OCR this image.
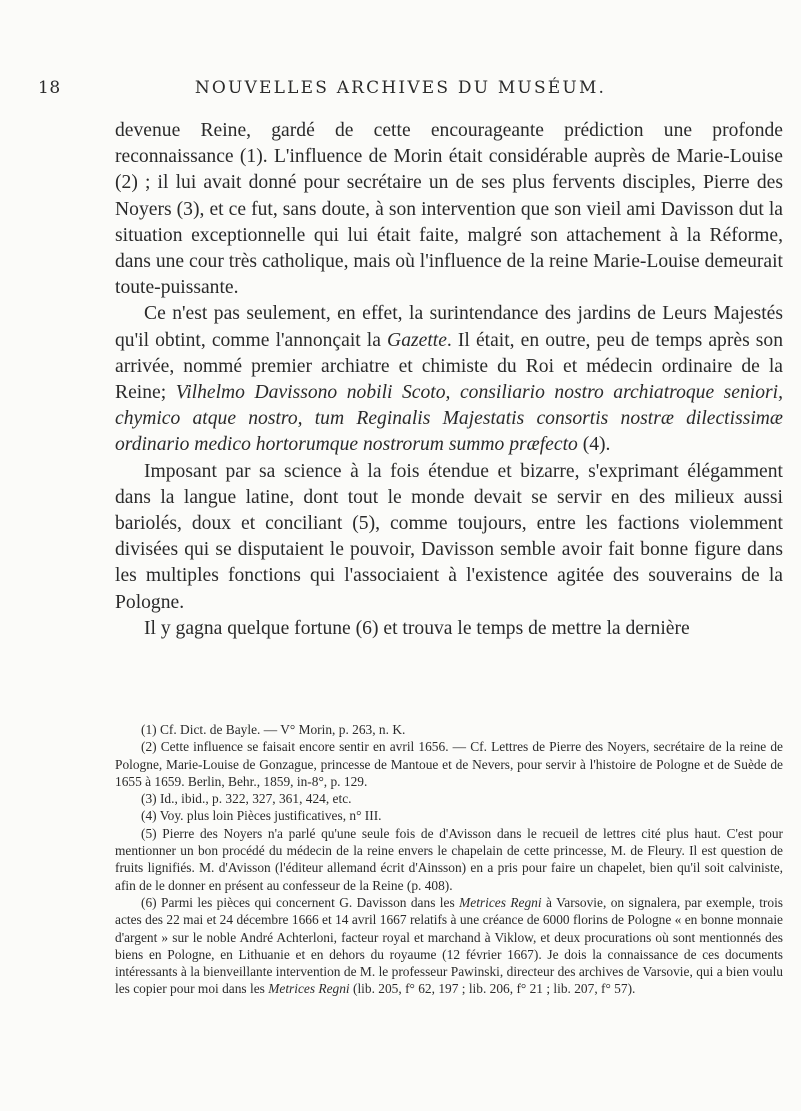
18	NOUVELLES ARCHIVES DU MUSÉUM.

devenue Reine, gardé de cette encourageante prédiction une profonde reconnaissance (1). L'influence de Morin était considérable auprès de Marie-Louise (2) ; il lui avait donné pour secrétaire un de ses plus fervents disciples, Pierre des Noyers (3), et ce fut, sans doute, à son intervention que son vieil ami Davisson dut la situation exceptionnelle qui lui était faite, malgré son attachement à la Réforme, dans une cour très catholique, mais où l'influence de la reine Marie-Louise demeurait toute-puissante.

Ce n'est pas seulement, en effet, la surintendance des jardins de Leurs Majestés qu'il obtint, comme l'annonçait la Gazette. Il était, en outre, peu de temps après son arrivée, nommé premier archiatre et chimiste du Roi et médecin ordinaire de la Reine; Vilhelmo Davissono nobili Scoto, consiliario nostro archiatroque seniori, chymico atque nostro, tum Reginalis Majestatis consortis nostræ dilectissimæ ordinario medico hortorumque nostrorum summo præfecto (4).

Imposant par sa science à la fois étendue et bizarre, s'exprimant élégamment dans la langue latine, dont tout le monde devait se servir en des milieux aussi bariolés, doux et conciliant (5), comme toujours, entre les factions violemment divisées qui se disputaient le pouvoir, Davisson semble avoir fait bonne figure dans les multiples fonctions qui l'associaient à l'existence agitée des souverains de la Pologne.

Il y gagna quelque fortune (6) et trouva le temps de mettre la dernière

(1) Cf. Dict. de Bayle. — V° Morin, p. 263, n. K.

(2) Cette influence se faisait encore sentir en avril 1656. — Cf. Lettres de Pierre des Noyers, secrétaire de la reine de Pologne, Marie-Louise de Gonzague, princesse de Mantoue et de Nevers, pour servir à l'histoire de Pologne et de Suède de 1655 à 1659. Berlin, Behr., 1859, in-8°, p. 129.

(3) Id., ibid., p. 322, 327, 361, 424, etc.

(4) Voy. plus loin Pièces justificatives, n° III.

(5) Pierre des Noyers n'a parlé qu'une seule fois de d'Avisson dans le recueil de lettres cité plus haut. C'est pour mentionner un bon procédé du médecin de la reine envers le chapelain de cette princesse, M. de Fleury. Il est question de fruits lignifiés. M. d'Avisson (l'éditeur allemand écrit d'Ainsson) en a pris pour faire un chapelet, bien qu'il soit calviniste, afin de le donner en présent au confesseur de la Reine (p. 408).

(6) Parmi les pièces qui concernent G. Davisson dans les Metrices Regni à Varsovie, on signalera, par exemple, trois actes des 22 mai et 24 décembre 1666 et 14 avril 1667 relatifs à une créance de 6000 florins de Pologne « en bonne monnaie d'argent » sur le noble André Achterloni, facteur royal et marchand à Viklow, et deux procurations où sont mentionnés des biens en Pologne, en Lithuanie et en dehors du royaume (12 février 1667). Je dois la connaissance de ces documents intéressants à la bienveillante intervention de M. le professeur Pawinski, directeur des archives de Varsovie, qui a bien voulu les copier pour moi dans les Metrices Regni (lib. 205, f° 62, 197 ; lib. 206, f° 21 ; lib. 207, f° 57).
